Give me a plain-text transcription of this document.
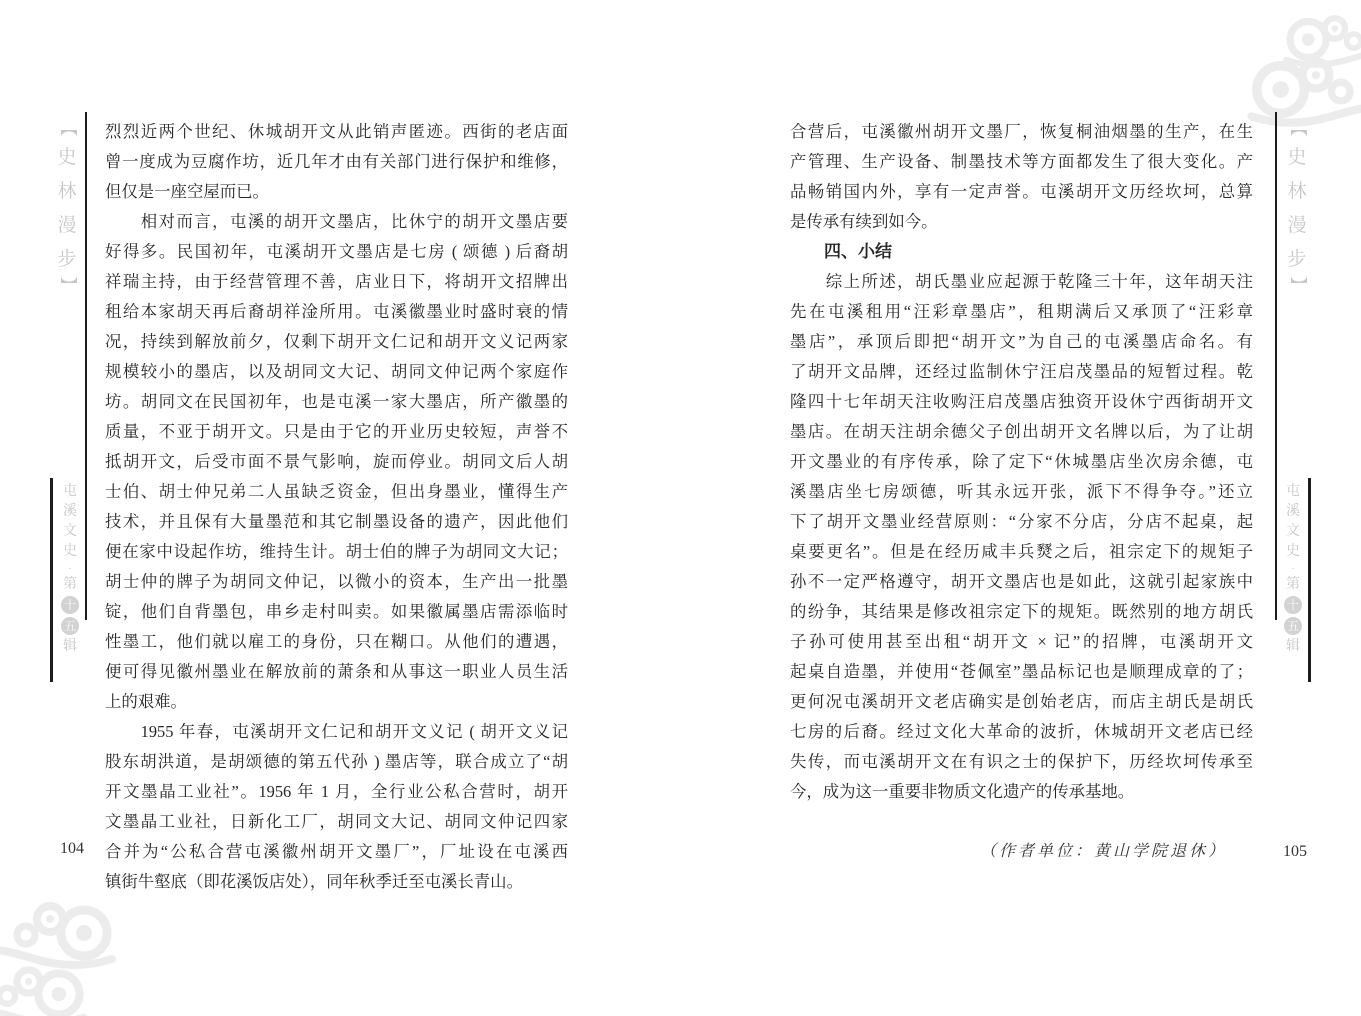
【
史
林
漫
步
】
屯
溪
文
史
·
第
十
五
辑
【
史
林
漫
步
】
屯
溪
文
史
·
第
十
五
辑
烈烈近两个世纪、休城胡开文从此销声匿迹。西街的老店面
曾一度成为豆腐作坊，近几年才由有关部门进行保护和维修，
但仅是一座空屋而已。
　　相对而言，屯溪的胡开文墨店，比休宁的胡开文墨店要
好得多。民国初年，屯溪胡开文墨店是七房 ( 颂德 ) 后裔胡
祥瑞主持，由于经营管理不善，店业日下，将胡开文招牌出
租给本家胡天再后裔胡祥淦所用。屯溪徽墨业时盛时衰的情
况，持续到解放前夕，仅剩下胡开文仁记和胡开文义记两家
规模较小的墨店，以及胡同文大记、胡同文仲记两个家庭作
坊。胡同文在民国初年，也是屯溪一家大墨店，所产徽墨的
质量，不亚于胡开文。只是由于它的开业历史较短，声誉不
抵胡开文，后受市面不景气影响，旋而停业。胡同文后人胡
士伯、胡士仲兄弟二人虽缺乏资金，但出身墨业，懂得生产
技术，并且保有大量墨范和其它制墨设备的遗产，因此他们
便在家中设起作坊，维持生计。胡士伯的牌子为胡同文大记；
胡士仲的牌子为胡同文仲记，以微小的资本，生产出一批墨
锭，他们自背墨包，串乡走村叫卖。如果徽属墨店需添临时
性墨工，他们就以雇工的身份，只在糊口。从他们的遭遇，
便可得见徽州墨业在解放前的萧条和从事这一职业人员生活
上的艰难。
　　1955 年春，屯溪胡开文仁记和胡开文义记 ( 胡开文义记
股东胡洪道，是胡颂德的第五代孙 ) 墨店等，联合成立了“胡
开文墨晶工业社”。1956 年 1 月，全行业公私合营时，胡开
文墨晶工业社，日新化工厂，胡同文大记、胡同文仲记四家
合并为“公私合营屯溪徽州胡开文墨厂”，厂址设在屯溪西
镇街牛壑底（即花溪饭店处），同年秋季迁至屯溪长青山。
104
合营后，屯溪徽州胡开文墨厂，恢复桐油烟墨的生产，在生
产管理、生产设备、制墨技术等方面都发生了很大变化。产
品畅销国内外，享有一定声誉。屯溪胡开文历经坎坷，总算
是传承有续到如今。
　　四、小结
　　综上所述，胡氏墨业应起源于乾隆三十年，这年胡天注
先在屯溪租用“汪彩章墨店”，租期满后又承顶了“汪彩章
墨店”，承顶后即把“胡开文”为自己的屯溪墨店命名。有
了胡开文品牌，还经过监制休宁汪启茂墨品的短暂过程。乾
隆四十七年胡天注收购汪启茂墨店独资开设休宁西街胡开文
墨店。在胡天注胡余德父子创出胡开文名牌以后，为了让胡
开文墨业的有序传承，除了定下“休城墨店坐次房余德，屯
溪墨店坐七房颂德，听其永远开张，派下不得争夺。”还立
下了胡开文墨业经营原则：“分家不分店，分店不起桌，起
桌要更名”。但是在经历咸丰兵燹之后，祖宗定下的规矩子
孙不一定严格遵守，胡开文墨店也是如此，这就引起家族中
的纷争，其结果是修改祖宗定下的规矩。既然别的地方胡氏
子孙可使用甚至出租“胡开文 × 记”的招牌，屯溪胡开文
起桌自造墨，并使用“苍佩室”墨品标记也是顺理成章的了；
更何况屯溪胡开文老店确实是创始老店，而店主胡氏是胡氏
七房的后裔。经过文化大革命的波折，休城胡开文老店已经
失传，而屯溪胡开文在有识之士的保护下，历经坎坷传承至
今，成为这一重要非物质文化遗产的传承基地。
（作者单位：黄山学院退休）	105
